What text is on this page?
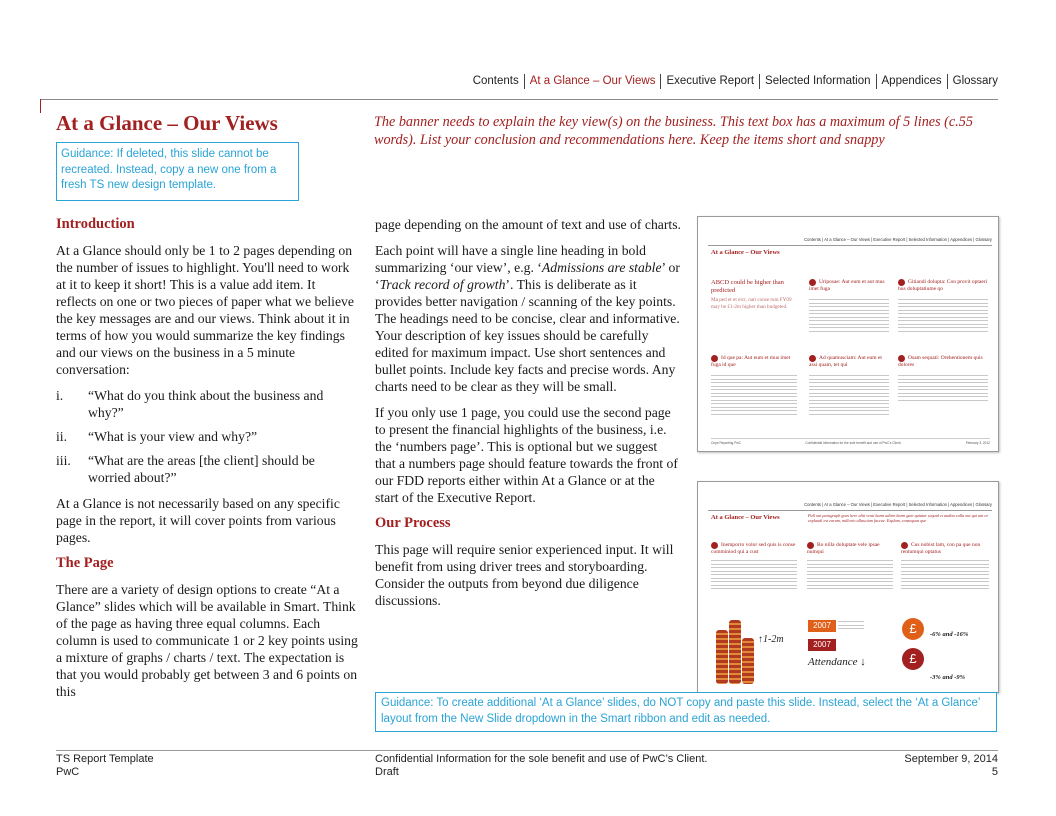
Contents At a Glance – Our Views Executive Report Selected Information Appendices Glossary
At a Glance – Our Views
Guidance: If deleted, this slide cannot be recreated. Instead, copy a new one from a fresh TS new design template.
The banner needs to explain the key view(s) on the business. This text box has a maximum of 5 lines (c.55 words). List your conclusion and recommendations here. Keep the items short and snappy
Introduction

At a Glance should only be 1 to 2 pages depending on the number of issues to highlight. You'll need to work at it to keep it short! This is a value add item. It reflects on one or two pieces of paper what we believe the key messages are and our views. Think about it in terms of how you would summarize the key findings and our views on the business in a 5 minute conversation:

i.	“What do you think about the business and why?”
ii.	“What is your view and why?”
iii.	“What are the areas [the client] should be worried about?”

At a Glance is not necessarily based on any specific page in the report, it will cover points from various pages.

The Page

There are a variety of design options to create “At a Glance” slides which will be available in Smart. Think of the page as having three equal columns. Each column is used to communicate 1 or 2 key points using a mixture of graphs / charts / text. The expectation is that you would probably get between 3 and 6 points on this

page depending on the amount of text and use of charts.

Each point will have a single line heading in bold summarizing ‘our view’, e.g. ‘Admissions are stable’ or ‘Track record of growth’. This is deliberate as it provides better navigation / scanning of the key points. The headings need to be concise, clear and informative. Your description of key issues should be carefully edited for maximum impact. Use short sentences and bullet points. Include key facts and precise words. Any charts need to be clear as they will be small.

If you only use 1 page, you could use the second page to present the financial highlights of the business, i.e. the ‘numbers page’. This is optional but we suggest that a numbers page should feature towards the front of our FDD reports either within At a Glance or at the start of the Executive Report.

Our Process

This page will require senior experienced input. It will benefit from using driver trees and storyboarding. Consider the outputs from beyond due diligence discussions.

Contents | At a Glance – Our Views | Executive Report | Selected Information | Appendices | Glossary
At a Glance – Our Views
ABCD could be higher than predicted
Ma ped et et eicr, nati conse tum FY09 may be £1-2m higher than budgeted.
Uriposae: Aut eum et aut mus imet fuga
Gitiandi dolupta: Con provit optaeri bus doluptatiume qo
Id que pa: Aut eum et mus imet fuga id que
Ad quamusciam: Aut eum et assi quam, tet qui
Osam sequati: Orehentionem quis dolores
Cepe Reporting PwC	Confidential information for the sole benefit and use of PwC's Client.	February 3, 2012
Contents | At a Glance – Our Views | Executive Report | Selected Information | Appendices | Glossary
At a Glance – Our Views	Pull out paragraph goes here aliti venti harm aditro harm gate quiatur sequid et andita eulla out qui unt or explaudi est earum, nullorio ulluscium faccae. Explam, consequas que
Inemporro volor sed quis is conse comminiod qui a cust
Ro nilla doluptate vele ipsae numqui
Cus nobist lam, con pa que non rentumqui optatus
↑1-2m
2007
2007
Attendance ↓
£
£
-6% and -16%
-3% and -9%
Guidance: To create additional ‘At a Glance’ slides, do NOT copy and paste this slide. Instead, select the ‘At a Glance’ layout from the New Slide dropdown in the Smart ribbon and edit as needed.
TS Report Template
PwC
Confidential Information for the sole benefit and use of PwC’s Client.
Draft
September 9, 2014
5
